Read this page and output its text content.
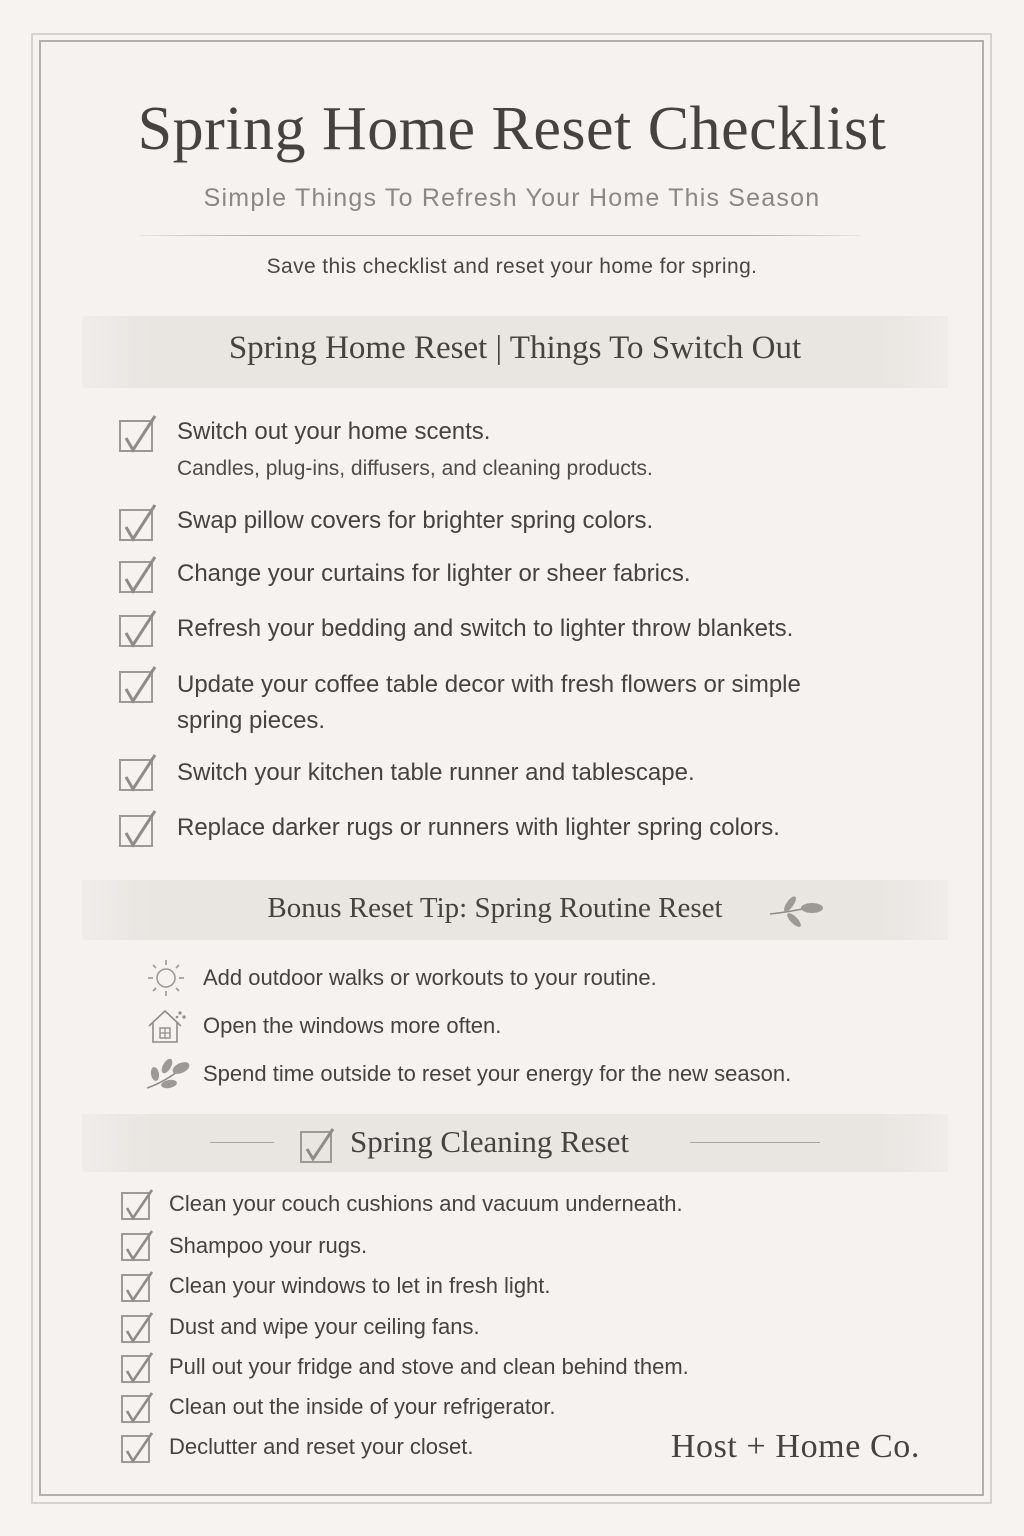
Spring Home Reset Checklist
Simple Things To Refresh Your Home This Season
Save this checklist and reset your home for spring.
Spring Home Reset | Things To Switch Out
Switch out your home scents.
Candles, plug-ins, diffusers, and cleaning products.
Swap pillow covers for brighter spring colors.
Change your curtains for lighter or sheer fabrics.
Refresh your bedding and switch to lighter throw blankets.
Update your coffee table decor with fresh flowers or simple
spring pieces.
Switch your kitchen table runner and tablescape.
Replace darker rugs or runners with lighter spring colors.
Bonus Reset Tip: Spring Routine Reset
Add outdoor walks or workouts to your routine.
Open the windows more often.
Spend time outside to reset your energy for the new season.
Spring Cleaning Reset
Clean your couch cushions and vacuum underneath.
Shampoo your rugs.
Clean your windows to let in fresh light.
Dust and wipe your ceiling fans.
Pull out your fridge and stove and clean behind them.
Clean out the inside of your refrigerator.
Declutter and reset your closet.	Host + Home Co.
